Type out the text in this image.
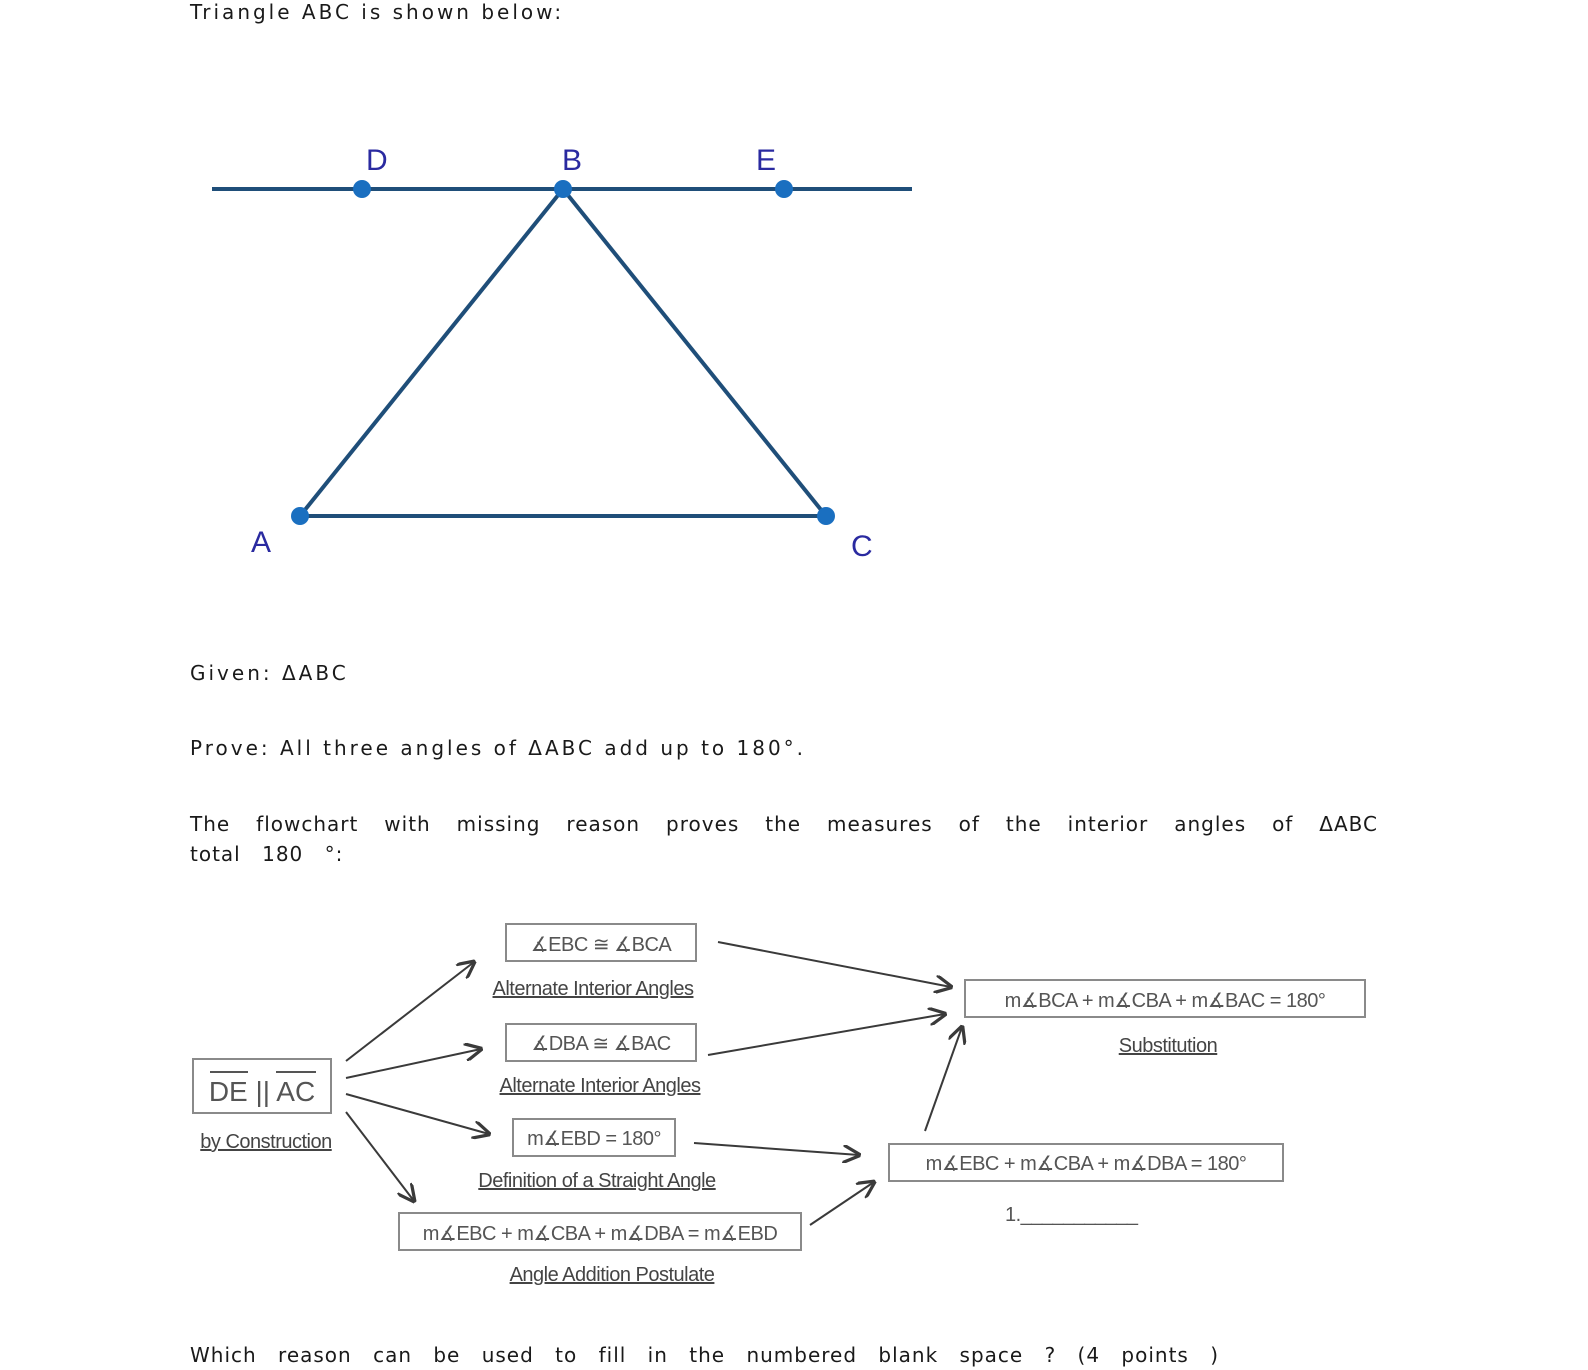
Triangle ABC is shown below:

D	B	E
A	C

Given: ΔABC

Prove: All three angles of ΔABC add up to 180°.

The flowchart with missing reason proves the measures of the interior angles of ΔABC total 180 °:

DE || AC
by Construction
∡EBC ≅ ∡BCA
Alternate Interior Angles
∡DBA ≅ ∡BAC
Alternate Interior Angles
m∡EBD = 180°
Definition of a Straight Angle
m∡EBC + m∡CBA + m∡DBA = m∡EBD
Angle Addition Postulate
m∡EBC + m∡CBA + m∡DBA = 180°
1.___________
m∡BCA + m∡CBA + m∡BAC = 180°
Substitution

Which reason can be used to fill in the numbered blank space ? (4 points )
